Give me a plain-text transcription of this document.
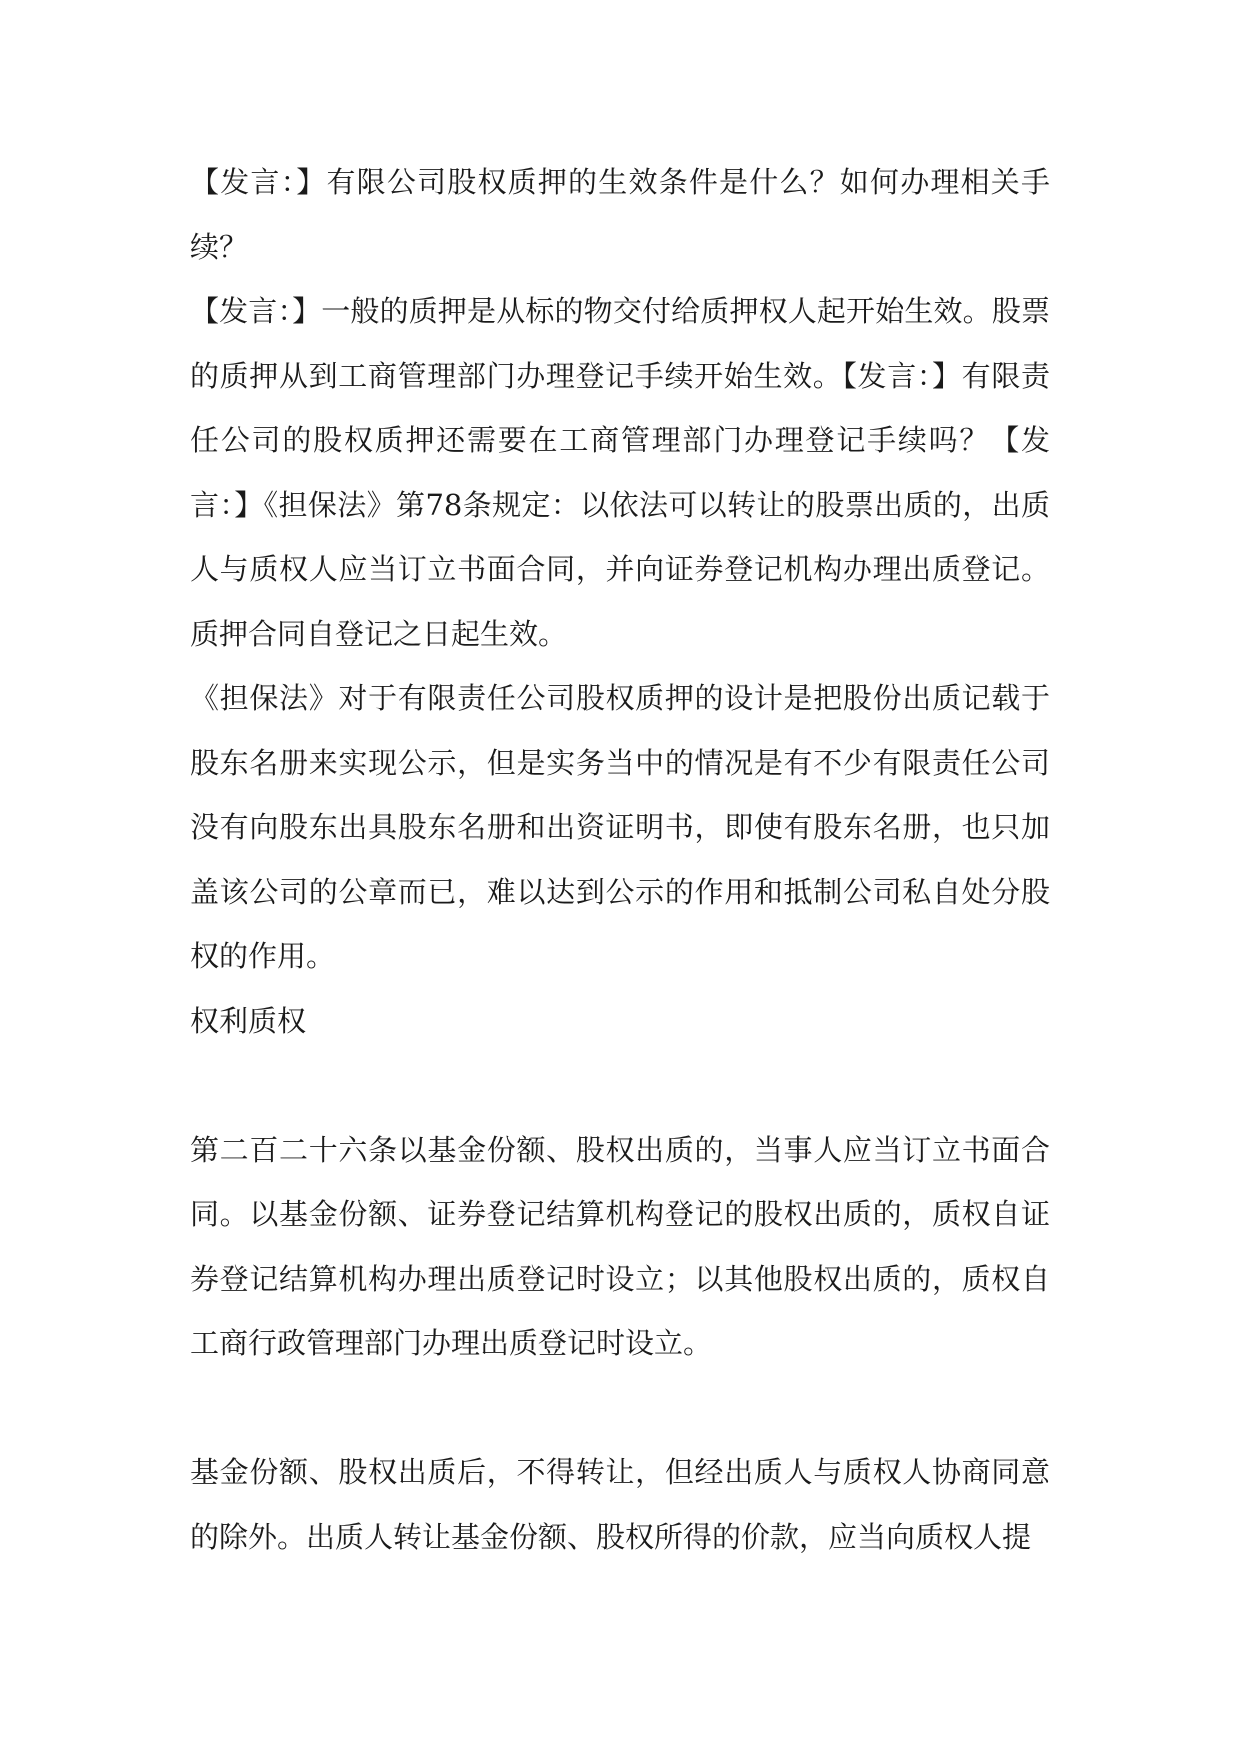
【发言：】有限公司股权质押的生效条件是什么？如何办理相关手续？

【发言：】一般的质押是从标的物交付给质押权人起开始生效。股票的质押从到工商管理部门办理登记手续开始生效。【发言：】有限责任公司的股权质押还需要在工商管理部门办理登记手续吗？【发言：】《担保法》第78条规定：以依法可以转让的股票出质的，出质人与质权人应当订立书面合同，并向证券登记机构办理出质登记。质押合同自登记之日起生效。

《担保法》对于有限责任公司股权质押的设计是把股份出质记载于股东名册来实现公示，但是实务当中的情况是有不少有限责任公司没有向股东出具股东名册和出资证明书，即使有股东名册，也只加盖该公司的公章而已，难以达到公示的作用和抵制公司私自处分股权的作用。

权利质权

第二百二十六条以基金份额、股权出质的，当事人应当订立书面合同。以基金份额、证券登记结算机构登记的股权出质的，质权自证券登记结算机构办理出质登记时设立；以其他股权出质的，质权自工商行政管理部门办理出质登记时设立。

基金份额、股权出质后，不得转让，但经出质人与质权人协商同意的除外。出质人转让基金份额、股权所得的价款，应当向质权人提
